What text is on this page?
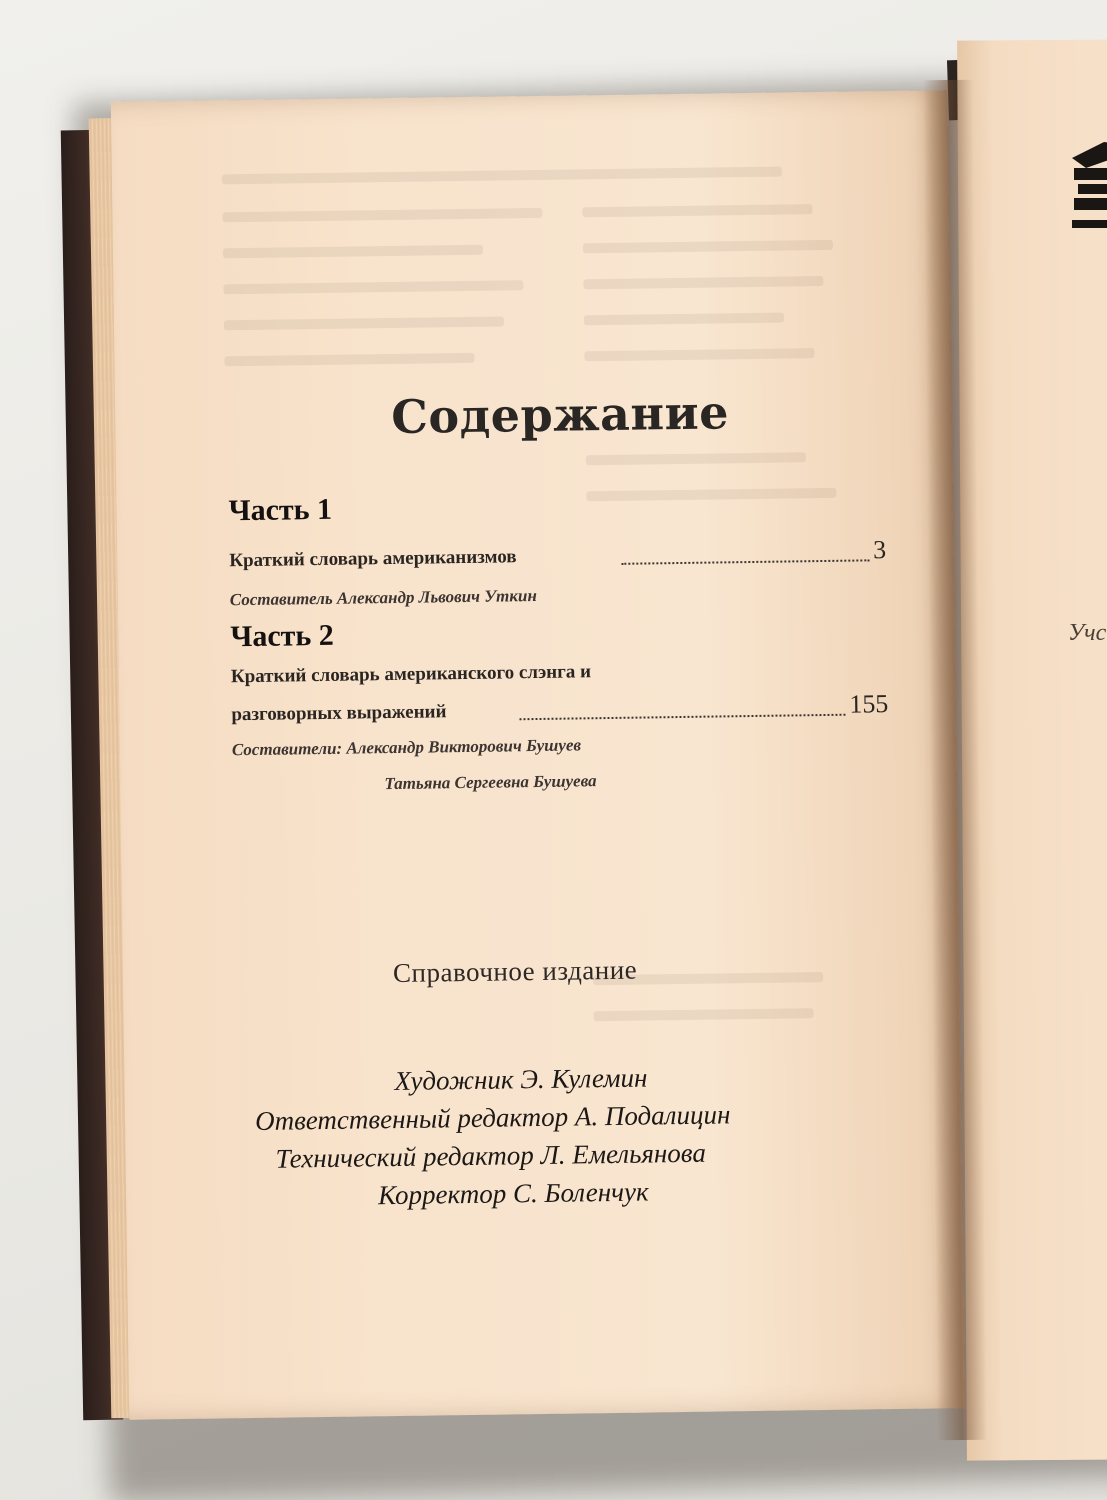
Содержание
Часть 1
Краткий словарь американизмов	3
Составитель Александр Львович Уткин
Часть 2
Краткий словарь американского слэнга и
разговорных выражений	155
Составители: Александр Викторович Бушуев
Татьяна Сергеевна Бушуева
Справочное издание
Художник Э. Кулемин
Ответственный редактор А. Подалицин
Технический редактор Л. Емельянова
Корректор С. Боленчук
Учс
